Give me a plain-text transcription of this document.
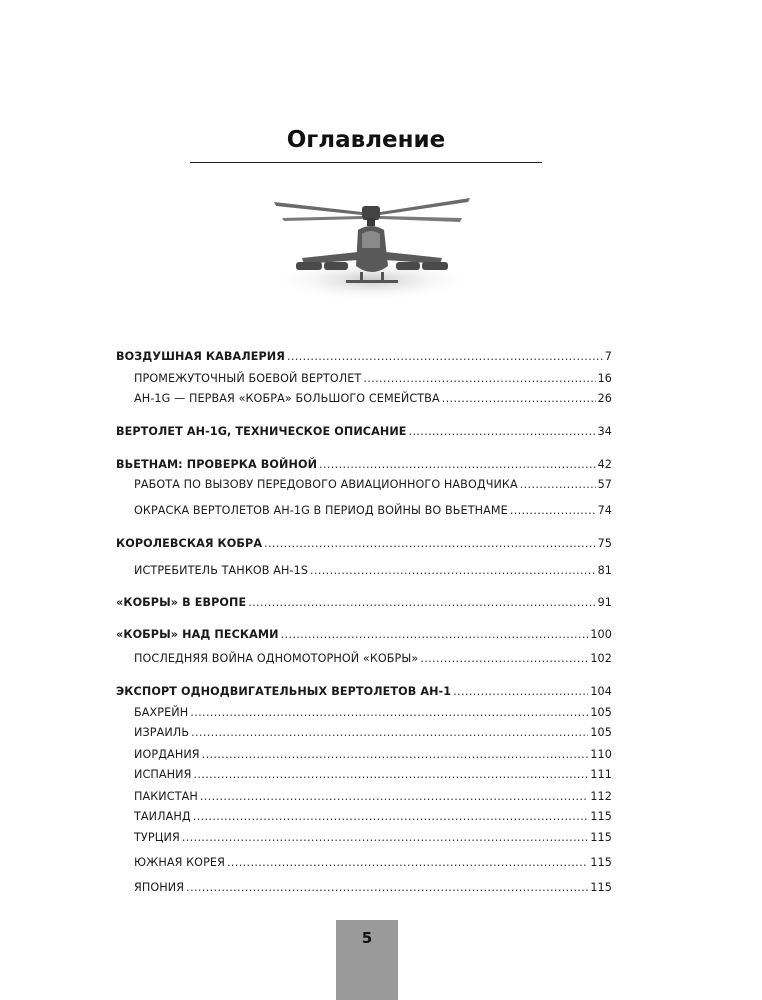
Оглавление
ВОЗДУШНАЯ КАВАЛЕРИЯ . . .	7
ПРОМЕЖУТОЧНЫЙ БОЕВОЙ ВЕРТОЛЕТ . . .	16
АН-1G — ПЕРВАЯ «КОБРА» БОЛЬШОГО СЕМЕЙСТВА . . .	26
ВЕРТОЛЕТ АН-1G, ТЕХНИЧЕСКОЕ ОПИСАНИЕ . . .	34
ВЬЕТНАМ: ПРОВЕРКА ВОЙНОЙ . . .	42
РАБОТА ПО ВЫЗОВУ ПЕРЕДОВОГО АВИАЦИОННОГО НАВОДЧИКА . . .	57
ОКРАСКА ВЕРТОЛЕТОВ АН-1G В ПЕРИОД ВОЙНЫ ВО ВЬЕТНАМЕ . . .	74
КОРОЛЕВСКАЯ КОБРА . . .	75
ИСТРЕБИТЕЛЬ ТАНКОВ АН-1S . . .	81
«КОБРЫ» В ЕВРОПЕ . . .	91
«КОБРЫ» НАД ПЕСКАМИ . . .	100
ПОСЛЕДНЯЯ ВОЙНА ОДНОМОТОРНОЙ «КОБРЫ» . . .	102
ЭКСПОРТ ОДНОДВИГАТЕЛЬНЫХ ВЕРТОЛЕТОВ АН-1 . . .	104
БАХРЕЙН . . .	105
ИЗРАИЛЬ . . .	105
ИОРДАНИЯ . . .	110
ИСПАНИЯ . . .	111
ПАКИСТАН . . .	112
ТАИЛАНД . . .	115
ТУРЦИЯ . . .	115
ЮЖНАЯ КОРЕЯ . . .	115
ЯПОНИЯ . . .	115
5
